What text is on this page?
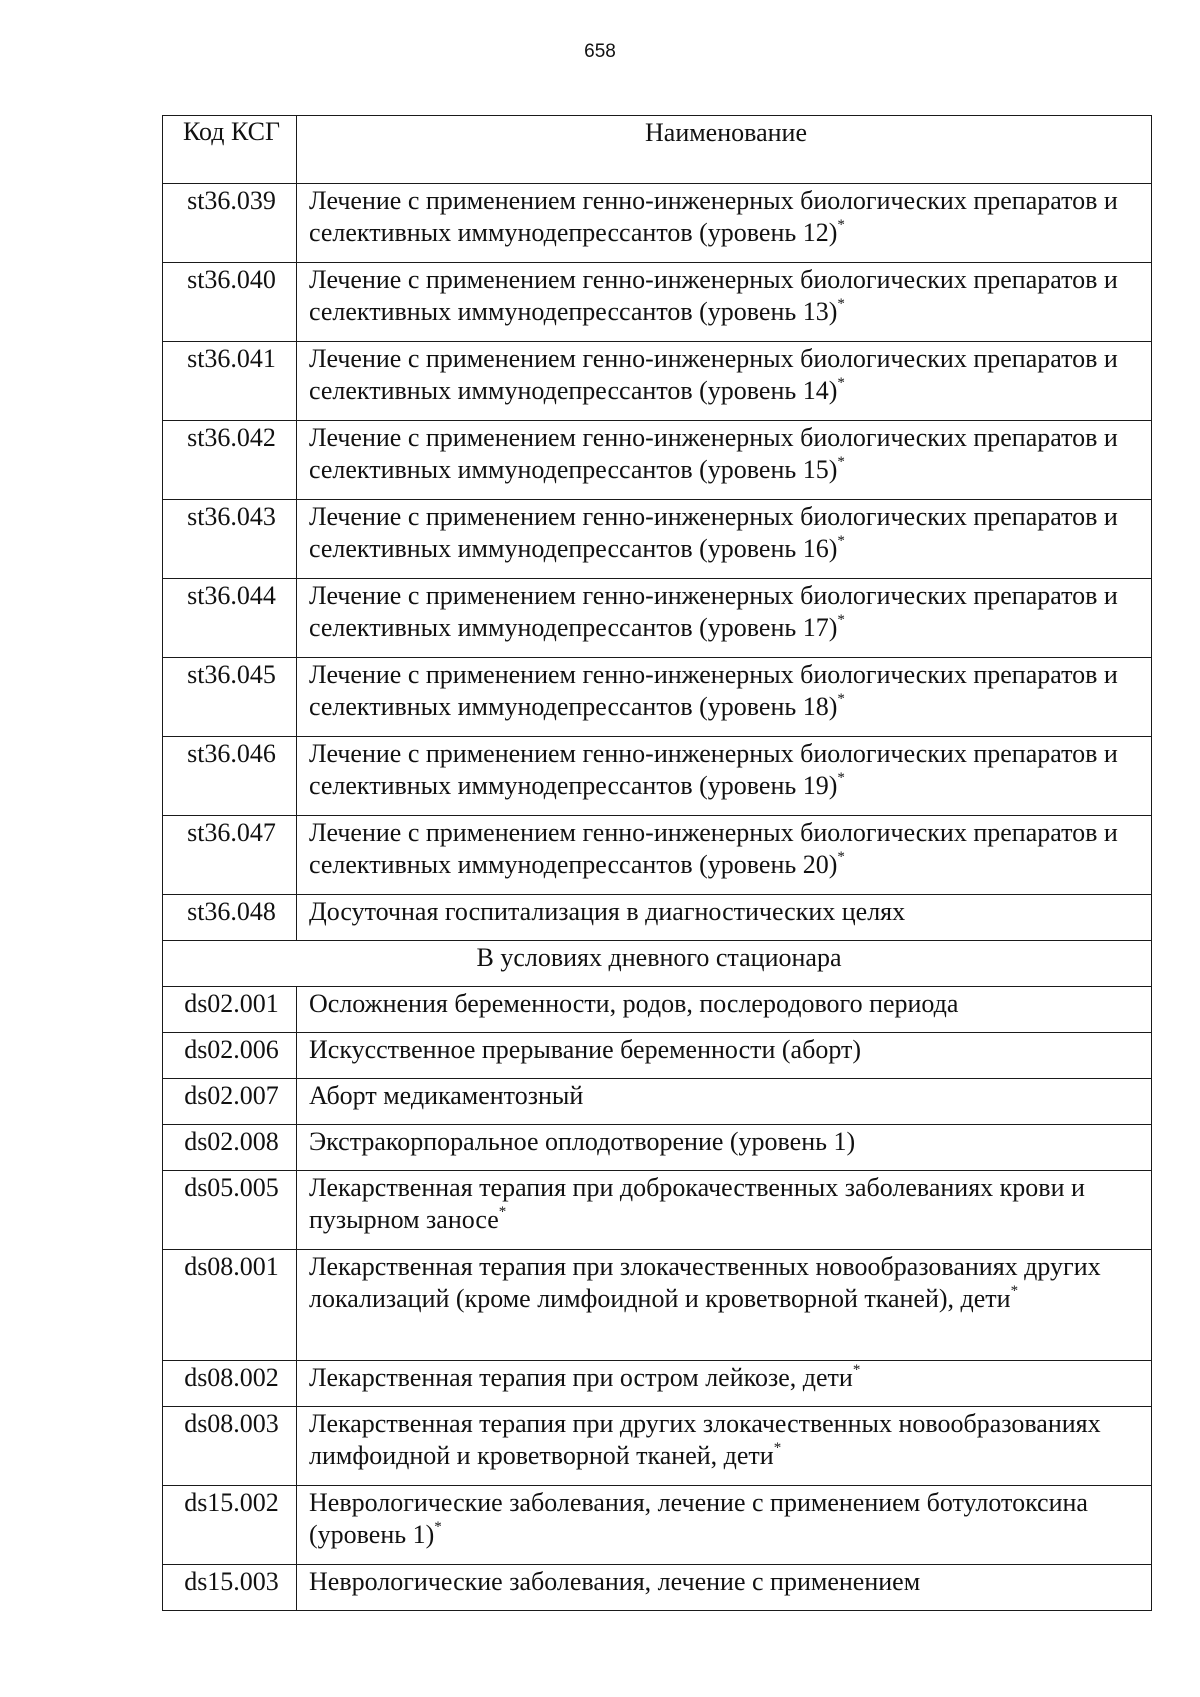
658
Код КСГ	Наименование
st36.039	Лечение с применением генно-инженерных биологических препаратов и селективных иммунодепрессантов (уровень 12)*
st36.040	Лечение с применением генно-инженерных биологических препаратов и селективных иммунодепрессантов (уровень 13)*
st36.041	Лечение с применением генно-инженерных биологических препаратов и селективных иммунодепрессантов (уровень 14)*
st36.042	Лечение с применением генно-инженерных биологических препаратов и селективных иммунодепрессантов (уровень 15)*
st36.043	Лечение с применением генно-инженерных биологических препаратов и селективных иммунодепрессантов (уровень 16)*
st36.044	Лечение с применением генно-инженерных биологических препаратов и селективных иммунодепрессантов (уровень 17)*
st36.045	Лечение с применением генно-инженерных биологических препаратов и селективных иммунодепрессантов (уровень 18)*
st36.046	Лечение с применением генно-инженерных биологических препаратов и селективных иммунодепрессантов (уровень 19)*
st36.047	Лечение с применением генно-инженерных биологических препаратов и селективных иммунодепрессантов (уровень 20)*
st36.048	Досуточная госпитализация в диагностических целях
В условиях дневного стационара	
ds02.001	Осложнения беременности, родов, послеродового периода
ds02.006	Искусственное прерывание беременности (аборт)
ds02.007	Аборт медикаментозный
ds02.008	Экстракорпоральное оплодотворение (уровень 1)
ds05.005	Лекарственная терапия при доброкачественных заболеваниях крови и пузырном заносе*
ds08.001	Лекарственная терапия при злокачественных новообразованиях других локализаций (кроме лимфоидной и кроветворной тканей), дети*
ds08.002	Лекарственная терапия при остром лейкозе, дети*
ds08.003	Лекарственная терапия при других злокачественных новообразованиях лимфоидной и кроветворной тканей, дети*
ds15.002	Неврологические заболевания, лечение с применением ботулотоксина (уровень 1)*
ds15.003	Неврологические заболевания, лечение с применением
